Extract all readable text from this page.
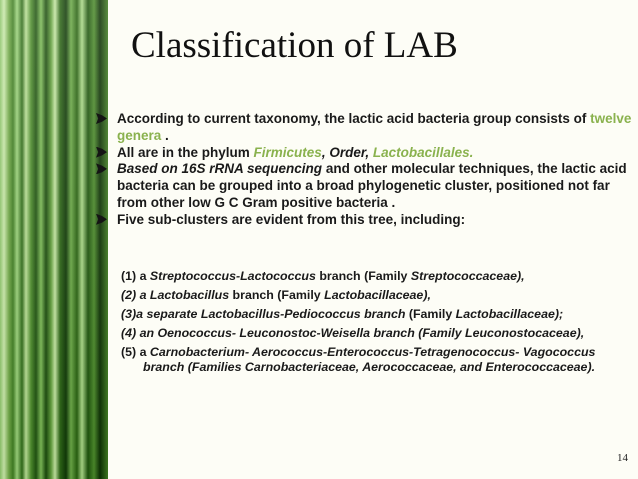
Classification of LAB
According to current taxonomy, the lactic acid bacteria group consists of twelve genera .
All are in the phylum Firmicutes, Order, Lactobacillales.
Based on 16S rRNA sequencing and other molecular techniques, the lactic acid bacteria can be grouped into a broad phylogenetic cluster, positioned not far from other low G C Gram positive bacteria .
Five sub-clusters are evident from this tree, including:
(1) a Streptococcus-Lactococcus branch (Family Streptococcaceae),
(2) a Lactobacillus branch (Family Lactobacillaceae),
(3)a separate Lactobacillus-Pediococcus branch (Family Lactobacillaceae);
(4) an Oenococcus- Leuconostoc-Weisella branch (Family Leuconostocaceae),
(5) a Carnobacterium- Aerococcus-Enterococcus-Tetragenococcus- Vagococcus branch (Families Carnobacteriaceae, Aerococcaceae, and Enterococcaceae).
14
